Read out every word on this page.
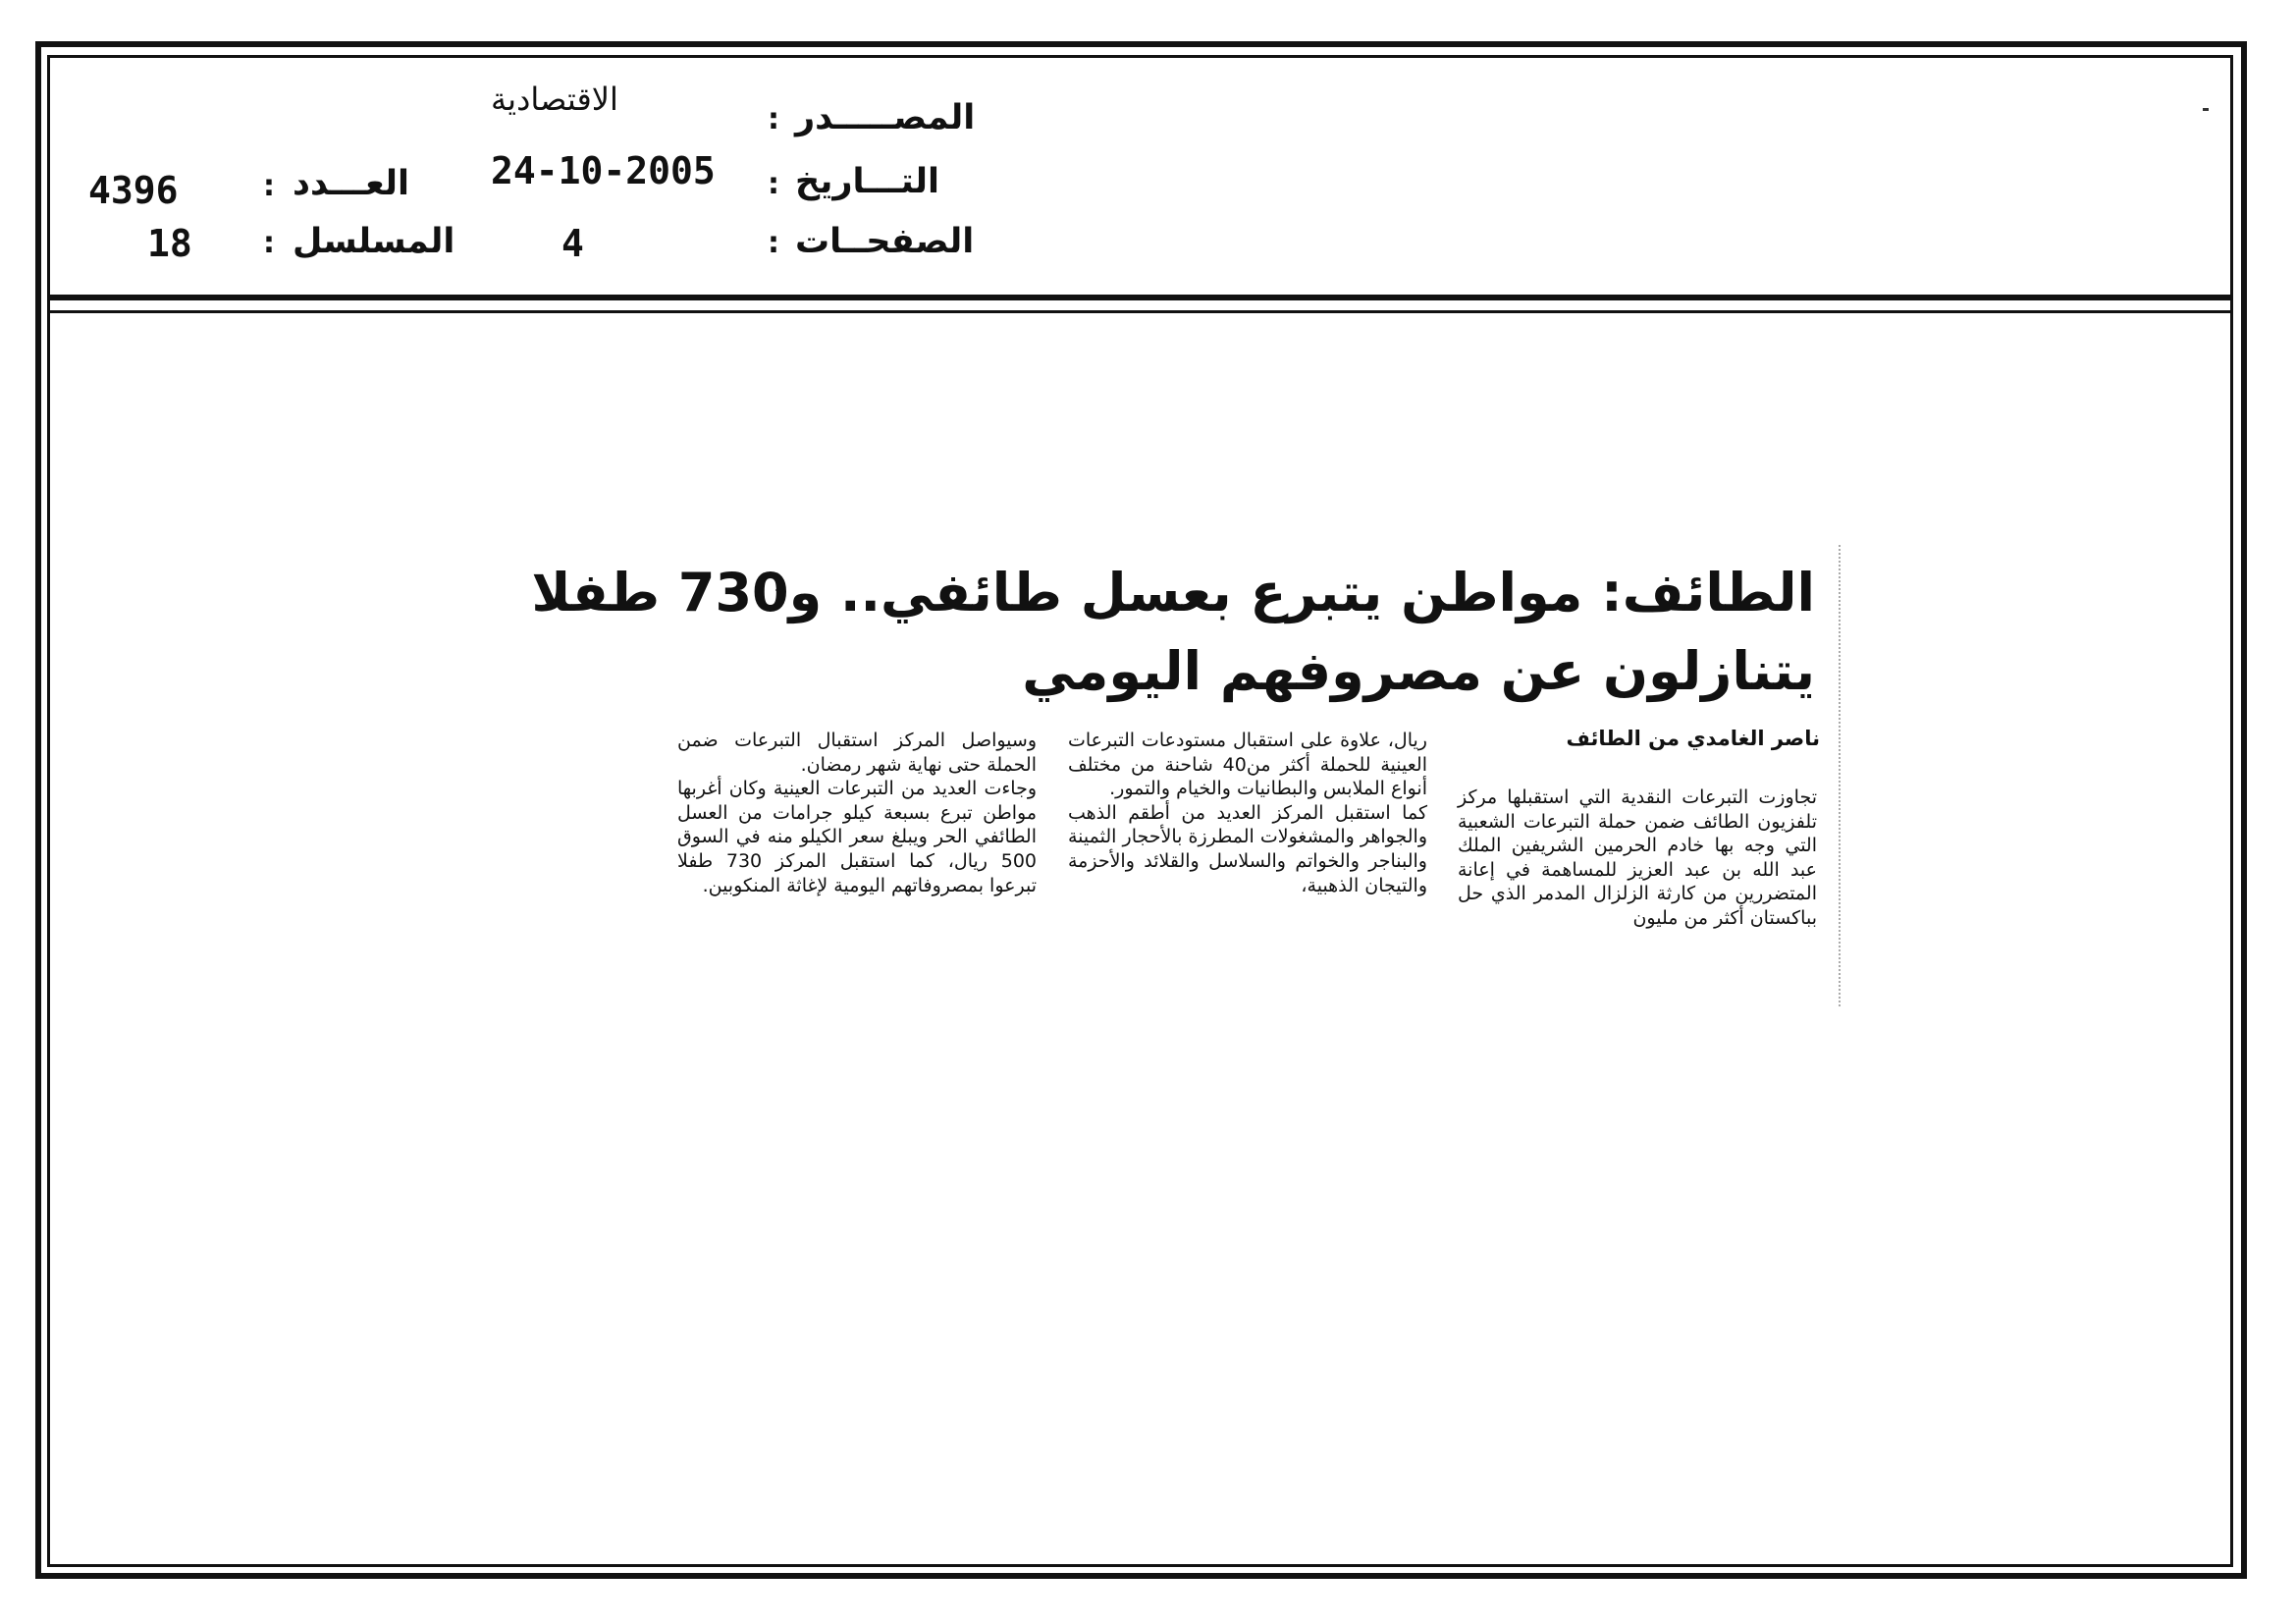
المصـــــدر
:
الاقتصادية
التـــاريخ
:
24-10-2005
الصفحــات
:
4
العـــدد
:
4396
المسلسل
:
18
الطائف: مواطن يتبرع بعسل طائفي.. و730 طفلا
يتنازلون عن مصروفهم اليومي
ناصر الغامدي من الطائف

تجاوزت التبرعات النقدية التي استقبلها مركز تلفزيون الطائف ضمن حملة التبرعات الشعبية التي وجه بها خادم الحرمين الشريفين الملك عبد الله بن عبد العزيز للمساهمة في إعانة المتضررين من كارثة الزلزال المدمر الذي حل بباكستان أكثر من مليون

ريال، علاوة على استقبال مستودعات التبرعات العينية للحملة أكثر من40 شاحنة من مختلف أنواع الملابس والبطانيات والخيام والتمور.

كما استقبل المركز العديد من أطقم الذهب والجواهر والمشغولات المطرزة بالأحجار الثمينة والبناجر والخواتم والسلاسل والقلائد والأحزمة والتيجان الذهبية،

وسيواصل المركز استقبال التبرعات ضمن الحملة حتى نهاية شهر رمضان.

وجاءت العديد من التبرعات العينية وكان أغربها مواطن تبرع بسبعة كيلو جرامات من العسل الطائفي الحر ويبلغ سعر الكيلو منه في السوق 500 ريال، كما استقبل المركز 730 طفلا تبرعوا بمصروفاتهم اليومية لإغاثة المنكوبين.
